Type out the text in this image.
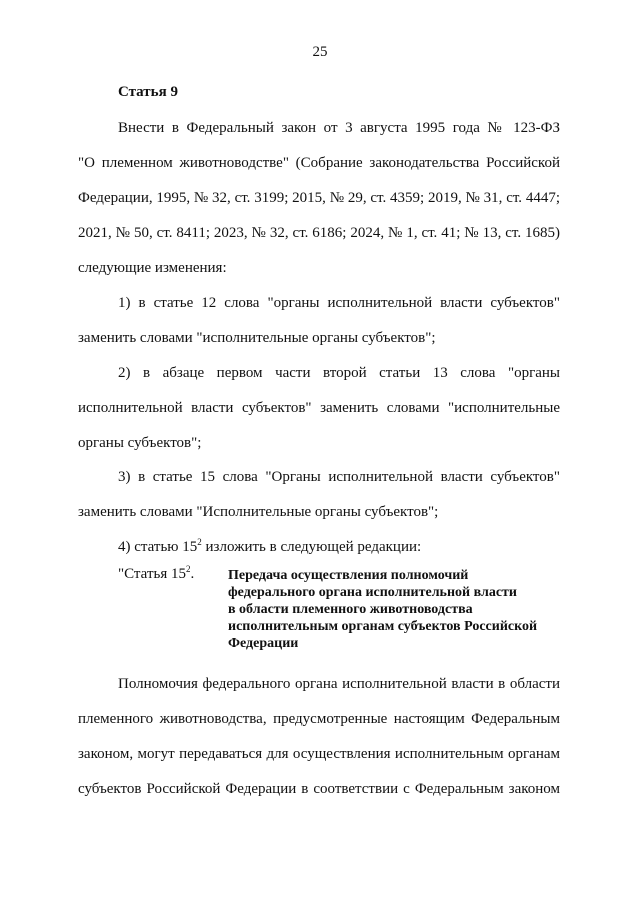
25
Статья 9
Внести в Федеральный закон от 3 августа 1995 года № 123-ФЗ
"О племенном животноводстве" (Собрание законодательства Российской
Федерации, 1995, № 32, ст. 3199; 2015, № 29, ст. 4359; 2019, № 31, ст. 4447;
2021, № 50, ст. 8411; 2023, № 32, ст. 6186; 2024, № 1, ст. 41; № 13, ст. 1685)
следующие изменения:
1) в статье 12 слова "органы исполнительной власти субъектов"
заменить словами "исполнительные органы субъектов";
2) в абзаце первом части второй статьи 13 слова "органы
исполнительной власти субъектов" заменить словами "исполнительные
органы субъектов";
3) в статье 15 слова "Органы исполнительной власти субъектов"
заменить словами "Исполнительные органы субъектов";
4) статью $15^2$ изложить в следующей редакции:
"Статья $15^2$. Передача осуществления полномочий
федерального органа исполнительной власти
в области племенного животноводства
исполнительным органам субъектов Российской
Федерации
Полномочия федерального органа исполнительной власти в области
племенного животноводства, предусмотренные настоящим Федеральным
законом, могут передаваться для осуществления исполнительным органам
субъектов Российской Федерации в соответствии с Федеральным законом
